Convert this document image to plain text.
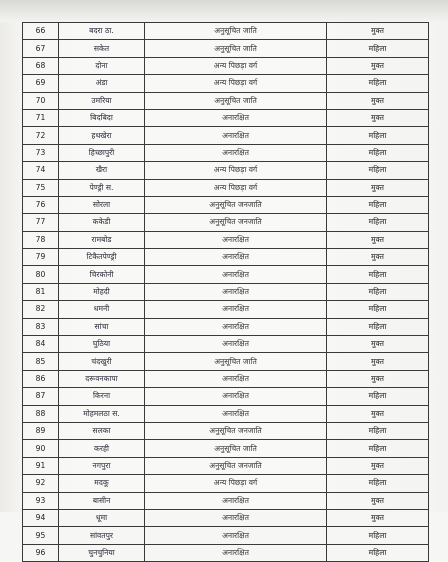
66	बदरा ठा.	अनुसूचित जाति	मुक्त
67	सकेत	अनुसूचित जाति	महिला
68	दोना	अन्य पिछड़ा वर्ग	मुक्त
69	अंडा	अन्य पिछड़ा वर्ग	महिला
70	उमरिया	अनुसूचित जाति	मुक्त
71	बिदबिदा	अनारक्षित	मुक्त
72	हथखेरा	अनारक्षित	महिला
73	हिच्छापुरी	अनारक्षित	महिला
74	खैरा	अन्य पिछड़ा वर्ग	महिला
75	पेण्ड्री स.	अन्य पिछड़ा वर्ग	मुक्त
76	सोरला	अनुसूचित जनजाति	महिला
77	ककेडी	अनुसूचित जनजाति	महिला
78	रामबोड	अनारक्षित	मुक्त
79	टिकैतपेण्ड्री	अनारक्षित	मुक्त
80	चिरकोनी	अनारक्षित	महिला
81	मोहदी	अनारक्षित	महिला
82	धमनी	अनारक्षित	महिला
83	सांचा	अनारक्षित	महिला
84	घुठिया	अनारक्षित	मुक्त
85	चंदखुरी	अनुसूचित जाति	मुक्त
86	दरूवनकापा	अनारक्षित	मुक्त
87	किरना	अनारक्षित	महिला
88	मोहमलठा स.	अनारक्षित	मुक्त
89	सलका	अनुसूचित जनजाति	महिला
90	करही	अनुसूचित जाति	महिला
91	नगपुरा	अनुसूचित जनजाति	मुक्त
92	मदकू	अन्य पिछड़ा वर्ग	महिला
93	बासीन	अनारक्षित	मुक्त
94	धूमा	अनारक्षित	मुक्त
95	सांवतपुर	अनारक्षित	महिला
96	चुनचुनिया	अनारक्षित	महिला
